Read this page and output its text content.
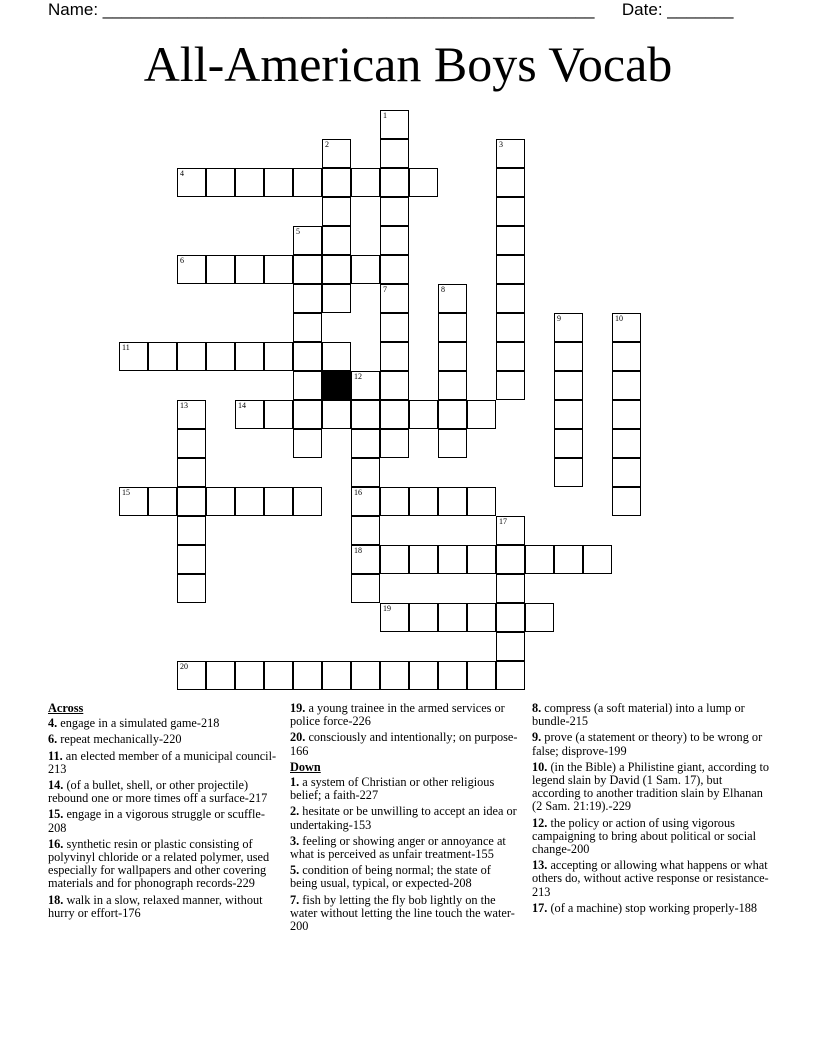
Name: ____________________________________________________ Date: _______
All-American Boys Vocab
1
2	3
4
5
6
7	8
9	10
11
12
13	14
15	16
17
18
19
20
Across
4. engage in a simulated game-218
6. repeat mechanically-220
11. an elected member of a municipal council-213
14. (of a bullet, shell, or other projectile) rebound one or more times off a surface-217
15. engage in a vigorous struggle or scuffle-208
16. synthetic resin or plastic consisting of polyvinyl chloride or a related polymer, used especially for wallpapers and other covering materials and for phonograph records-229
18. walk in a slow, relaxed manner, without hurry or effort-176
19. a young trainee in the armed services or police force-226
20. consciously and intentionally; on purpose-166
Down
1. a system of Christian or other religious belief; a faith-227
2. hesitate or be unwilling to accept an idea or undertaking-153
3. feeling or showing anger or annoyance at what is perceived as unfair treatment-155
5. condition of being normal; the state of being usual, typical, or expected-208
7. fish by letting the fly bob lightly on the water without letting the line touch the water-200
8. compress (a soft material) into a lump or bundle-215
9. prove (a statement or theory) to be wrong or false; disprove-199
10. (in the Bible) a Philistine giant, according to legend slain by David (1 Sam. 17), but according to another tradition slain by Elhanan (2 Sam. 21:19).-229
12. the policy or action of using vigorous campaigning to bring about political or social change-200
13. accepting or allowing what happens or what others do, without active response or resistance-213
17. (of a machine) stop working properly-188
